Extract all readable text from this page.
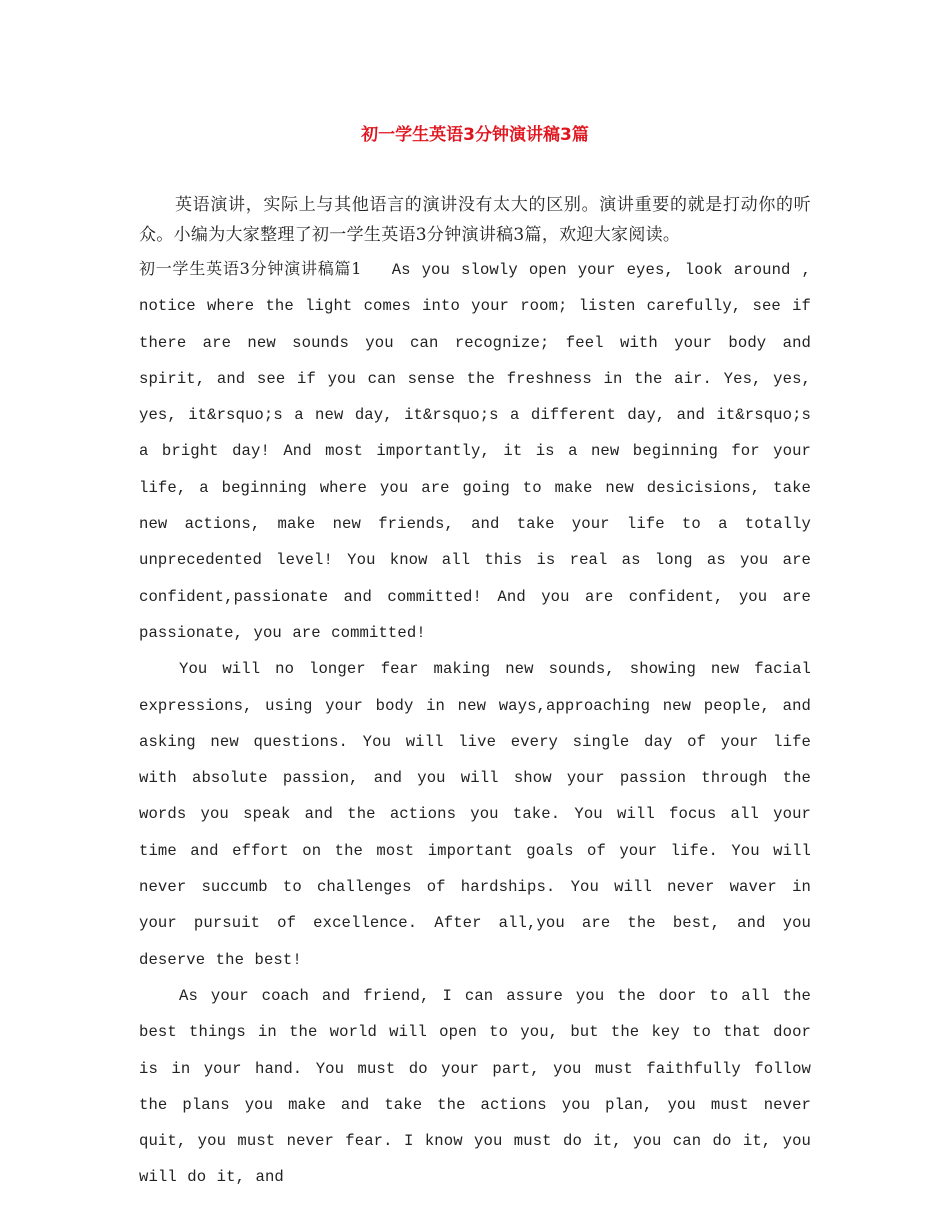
初一学生英语3分钟演讲稿3篇

英语演讲，实际上与其他语言的演讲没有太大的区别。演讲重要的就是打动你的听众。小编为大家整理了初一学生英语3分钟演讲稿3篇，欢迎大家阅读。

初一学生英语3分钟演讲稿篇1 As you slowly open your eyes, look around , notice where the light comes into your room; listen carefully, see if there are new sounds you can recognize; feel with your body and spirit, and see if you can sense the freshness in the air. Yes, yes, yes, it&rsquo;s a new day, it&rsquo;s a different day, and it&rsquo;s a bright day! And most importantly, it is a new beginning for your life, a beginning where you are going to make new desicisions, take new actions, make new friends, and take your life to a totally unprecedented level! You know all this is real as long as you are confident,passionate and committed! And you are confident, you are passionate, you are committed!

You will no longer fear making new sounds, showing new facial expressions, using your body in new ways,approaching new people, and asking new questions. You will live every single day of your life with absolute passion, and you will show your passion through the words you speak and the actions you take. You will focus all your time and effort on the most important goals of your life. You will never succumb to challenges of hardships. You will never waver in your pursuit of excellence. After all,you are the best, and you deserve the best!

As your coach and friend, I can assure you the door to all the best things in the world will open to you, but the key to that door is in your hand. You must do your part, you must faithfully follow the plans you make and take the actions you plan, you must never quit, you must never fear. I know you must do it, you can do it, you will do it, and
